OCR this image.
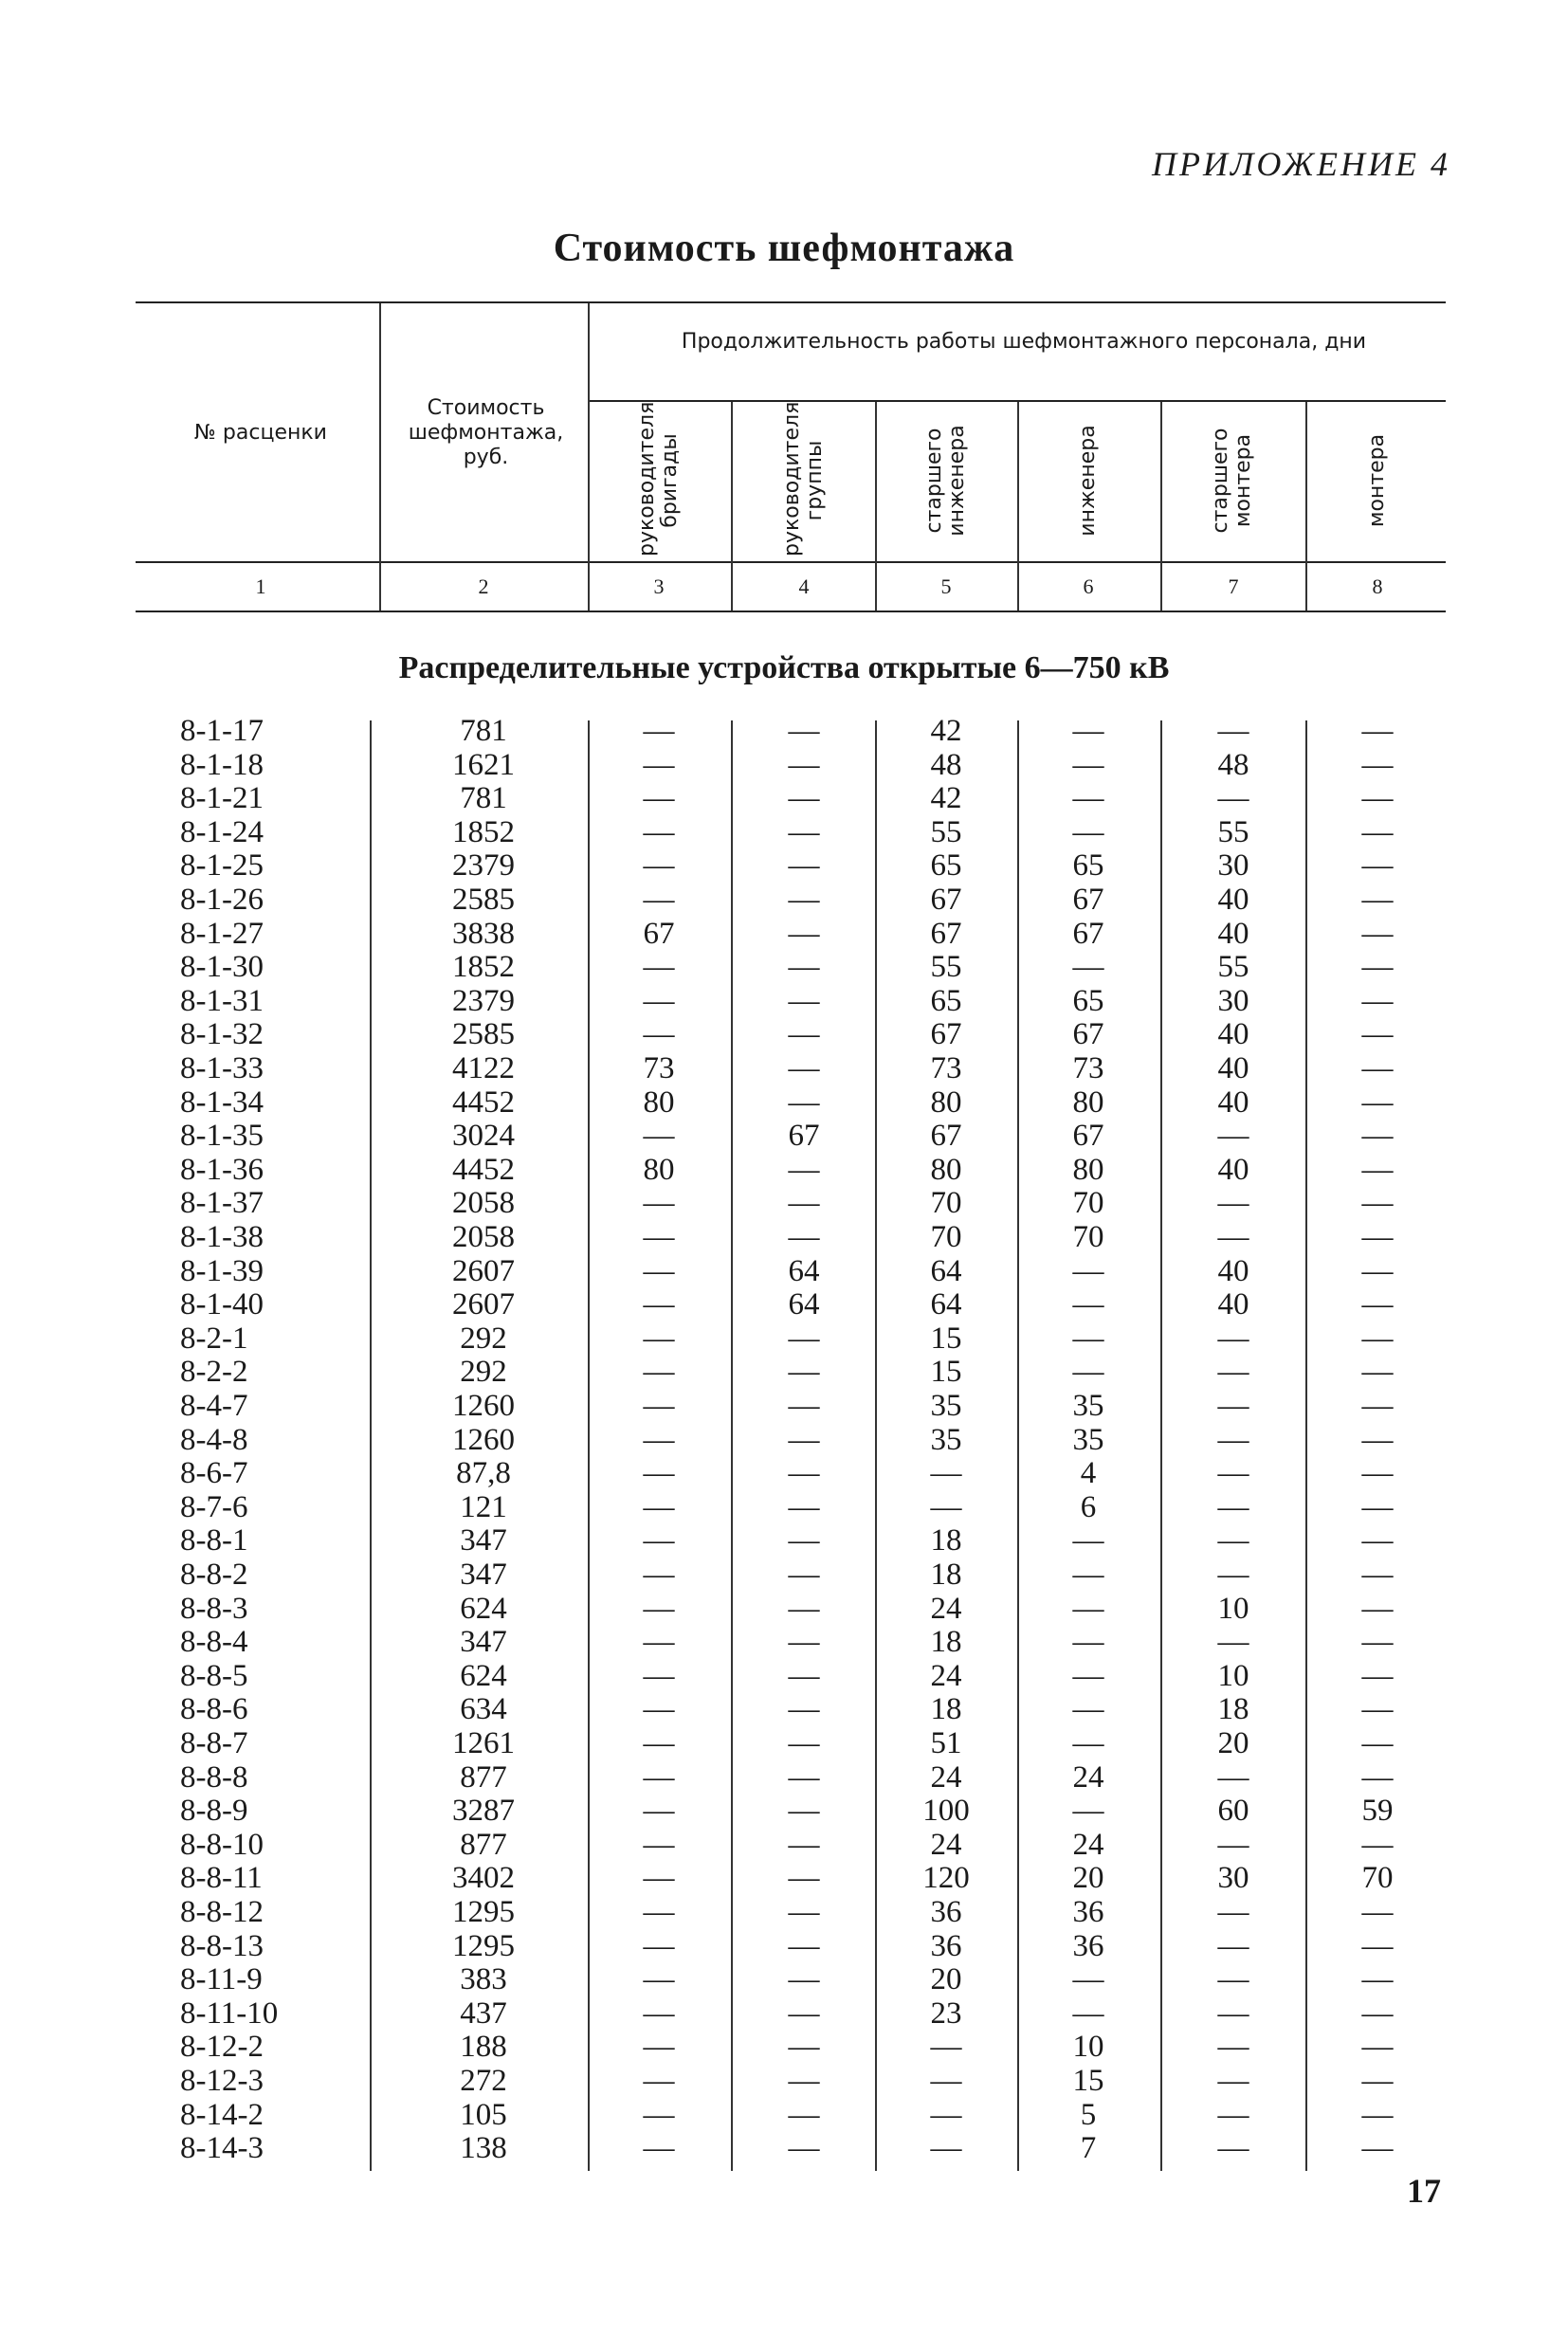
ПРИЛОЖЕНИЕ 4
Стоимость шефмонтажа
№ расценки
Стоимость шефмонтажа, руб.
Продолжительность работы шефмонтажного персонала, дни
руководителя бригады	руководителя группы	старшего инженера	инженера	старшего монтера	монтера
1	2	3	4	5	6	7	8
Распределительные устройства открытые 6—750 кВ
8-1-17	781	—	—	42	—	—	—
8-1-18	1621	—	—	48	—	48	—
8-1-21	781	—	—	42	—	—	—
8-1-24	1852	—	—	55	—	55	—
8-1-25	2379	—	—	65	65	30	—
8-1-26	2585	—	—	67	67	40	—
8-1-27	3838	67	—	67	67	40	—
8-1-30	1852	—	—	55	—	55	—
8-1-31	2379	—	—	65	65	30	—
8-1-32	2585	—	—	67	67	40	—
8-1-33	4122	73	—	73	73	40	—
8-1-34	4452	80	—	80	80	40	—
8-1-35	3024	—	67	67	67	—	—
8-1-36	4452	80	—	80	80	40	—
8-1-37	2058	—	—	70	70	—	—
8-1-38	2058	—	—	70	70	—	—
8-1-39	2607	—	64	64	—	40	—
8-1-40	2607	—	64	64	—	40	—
8-2-1	292	—	—	15	—	—	—
8-2-2	292	—	—	15	—	—	—
8-4-7	1260	—	—	35	35	—	—
8-4-8	1260	—	—	35	35	—	—
8-6-7	87,8	—	—	—	4	—	—
8-7-6	121	—	—	—	6	—	—
8-8-1	347	—	—	18	—	—	—
8-8-2	347	—	—	18	—	—	—
8-8-3	624	—	—	24	—	10	—
8-8-4	347	—	—	18	—	—	—
8-8-5	624	—	—	24	—	10	—
8-8-6	634	—	—	18	—	18	—
8-8-7	1261	—	—	51	—	20	—
8-8-8	877	—	—	24	24	—	—
8-8-9	3287	—	—	100	—	60	59
8-8-10	877	—	—	24	24	—	—
8-8-11	3402	—	—	120	20	30	70
8-8-12	1295	—	—	36	36	—	—
8-8-13	1295	—	—	36	36	—	—
8-11-9	383	—	—	20	—	—	—
8-11-10	437	—	—	23	—	—	—
8-12-2	188	—	—	—	10	—	—
8-12-3	272	—	—	—	15	—	—
8-14-2	105	—	—	—	5	—	—
8-14-3	138	—	—	—	7	—	—
17
